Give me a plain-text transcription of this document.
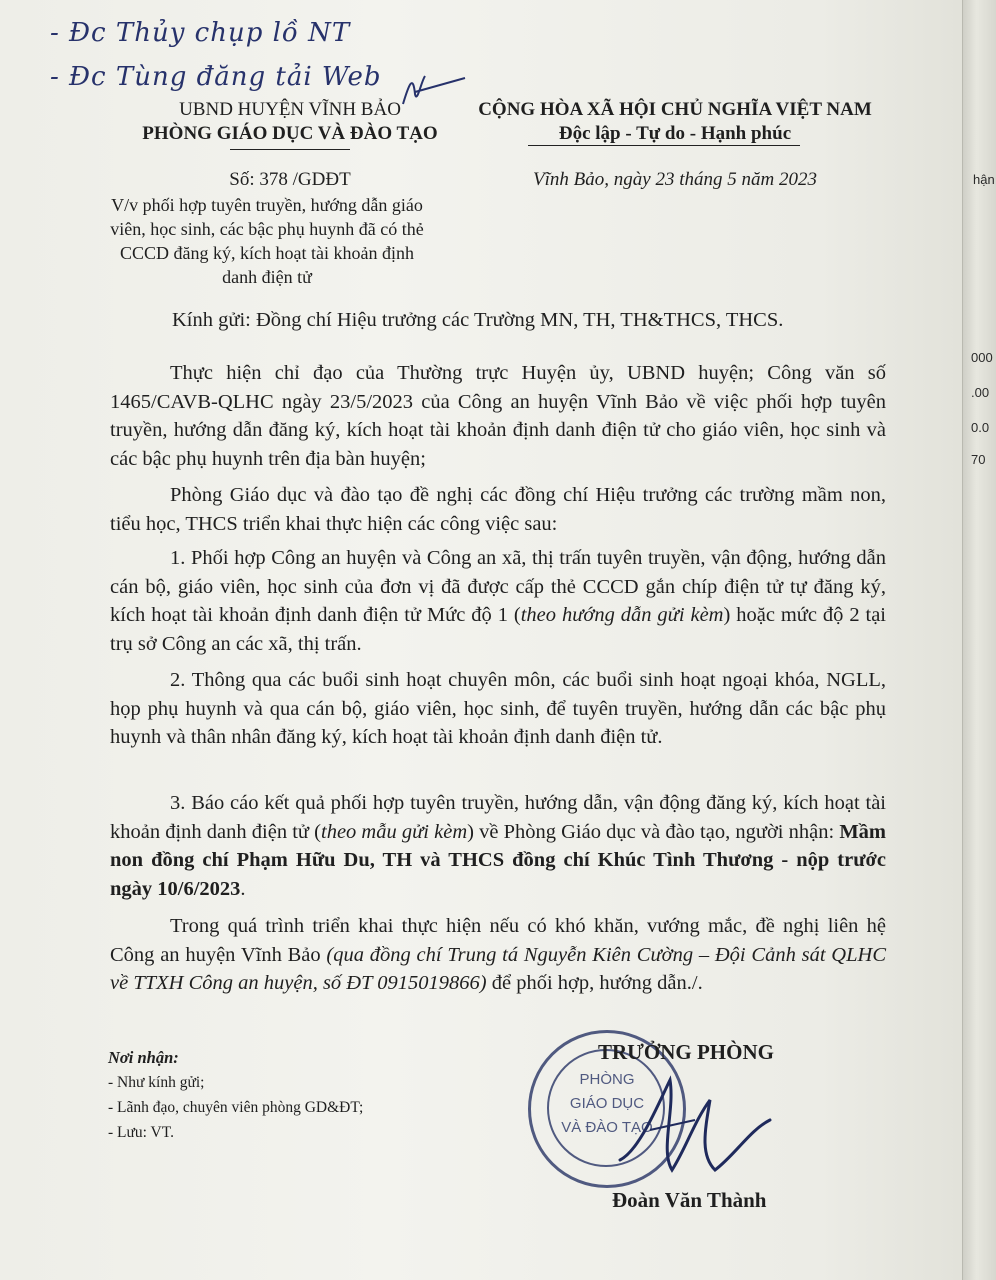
hận
000
.00
0.0
70
- Đc Thủy chụp lồ NT
- Đc Tùng đăng tải Web
UBND HUYỆN VĨNH BẢO
PHÒNG GIÁO DỤC VÀ ĐÀO TẠO
Số: 378 /GDĐT
V/v phối hợp tuyên truyền, hướng dẫn giáo viên, học sinh, các bậc phụ huynh đã có thẻ CCCD đăng ký, kích hoạt tài khoản định danh điện tử
CỘNG HÒA XÃ HỘI CHỦ NGHĨA VIỆT NAM
Độc lập - Tự do - Hạnh phúc
Vĩnh Bảo, ngày 23 tháng 5 năm 2023
Kính gửi: Đồng chí Hiệu trưởng các Trường MN, TH, TH&THCS, THCS.
Thực hiện chỉ đạo của Thường trực Huyện ủy, UBND huyện; Công văn số 1465/CAVB-QLHC ngày 23/5/2023 của Công an huyện Vĩnh Bảo về việc phối hợp tuyên truyền, hướng dẫn đăng ký, kích hoạt tài khoản định danh điện tử cho giáo viên, học sinh và các bậc phụ huynh trên địa bàn huyện;
Phòng Giáo dục và đào tạo đề nghị các đồng chí Hiệu trưởng các trường mầm non, tiểu học, THCS triển khai thực hiện các công việc sau:
1. Phối hợp Công an huyện và Công an xã, thị trấn tuyên truyền, vận động, hướng dẫn cán bộ, giáo viên, học sinh của đơn vị đã được cấp thẻ CCCD gắn chíp điện tử tự đăng ký, kích hoạt tài khoản định danh điện tử Mức độ 1 (theo hướng dẫn gửi kèm) hoặc mức độ 2 tại trụ sở Công an các xã, thị trấn.
2. Thông qua các buổi sinh hoạt chuyên môn, các buổi sinh hoạt ngoại khóa, NGLL, họp phụ huynh và qua cán bộ, giáo viên, học sinh, để tuyên truyền, hướng dẫn các bậc phụ huynh và thân nhân đăng ký, kích hoạt tài khoản định danh điện tử.
3. Báo cáo kết quả phối hợp tuyên truyền, hướng dẫn, vận động đăng ký, kích hoạt tài khoản định danh điện tử (theo mẫu gửi kèm) về Phòng Giáo dục và đào tạo, người nhận: Mầm non đồng chí Phạm Hữu Du, TH và THCS đồng chí Khúc Tình Thương - nộp trước ngày 10/6/2023.
Trong quá trình triển khai thực hiện nếu có khó khăn, vướng mắc, đề nghị liên hệ Công an huyện Vĩnh Bảo (qua đồng chí Trung tá Nguyễn Kiên Cường – Đội Cảnh sát QLHC về TTXH Công an huyện, số ĐT 0915019866) để phối hợp, hướng dẫn./.
Nơi nhận:
- Như kính gửi;
- Lãnh đạo, chuyên viên phòng GD&ĐT;
- Lưu: VT.
PHÒNG
GIÁO DỤC
VÀ ĐÀO TẠO
TRƯỞNG PHÒNG
Đoàn Văn Thành
